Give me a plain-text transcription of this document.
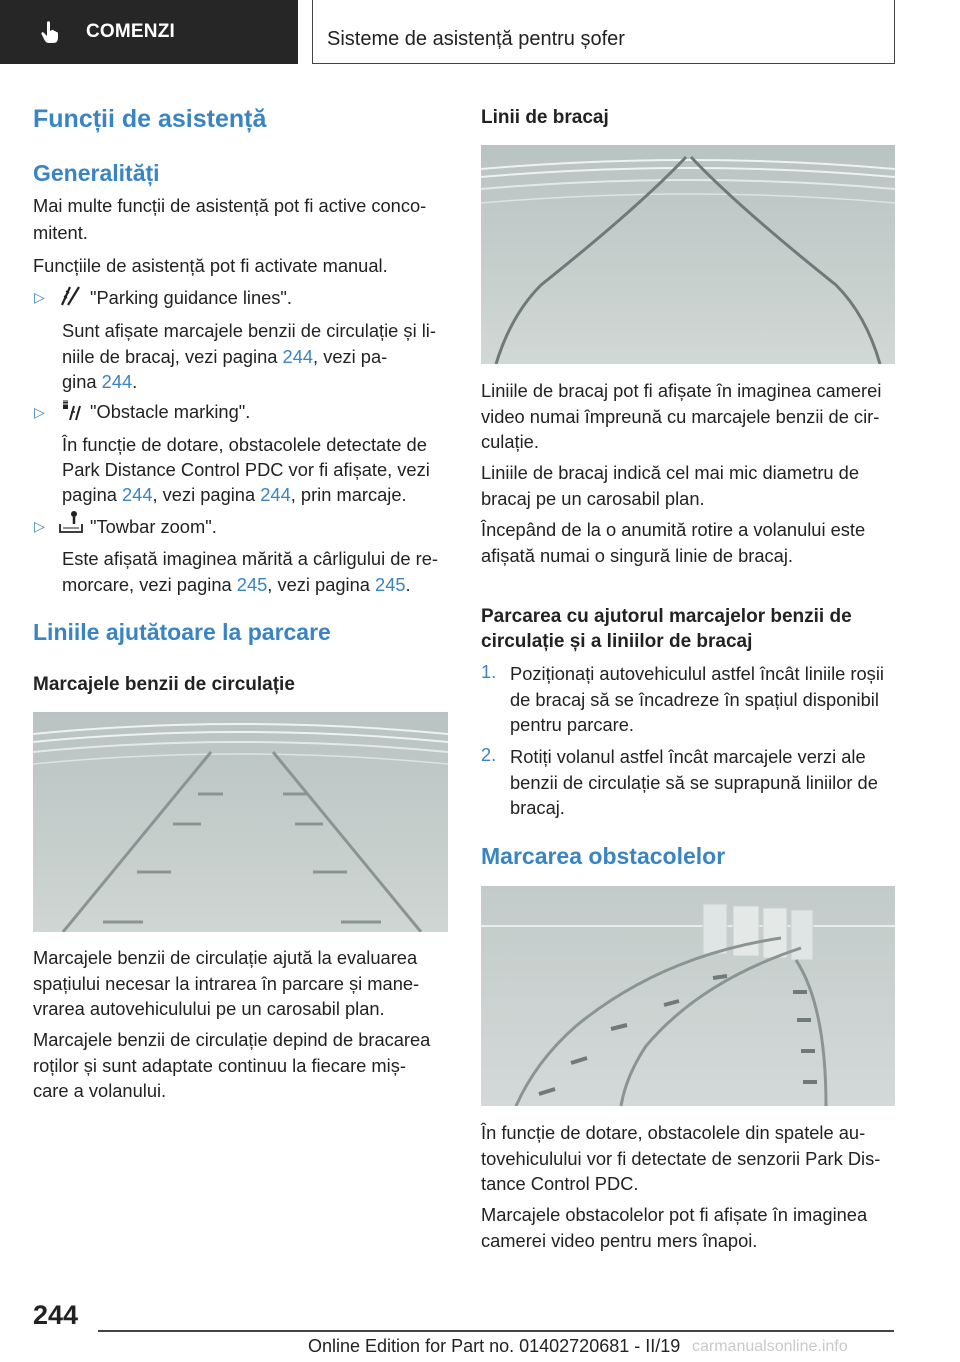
COMENZI	Sisteme de asistență pentru șofer
Funcții de asistență
Generalități

Mai multe funcții de asistență pot fi active conco-

mitent.

Funcțiile de asistență pot fi activate manual.

▷ "Parking guidance lines".

Sunt afișate marcajele benzii de circulație și li-

niile de bracaj, vezi pagina 244, vezi pa-

gina 244.

▷ "Obstacle marking".

În funcție de dotare, obstacolele detectate de

Park Distance Control PDC vor fi afișate, vezi

pagina 244, vezi pagina 244, prin marcaje.

▷ "Towbar zoom".

Este afișată imaginea mărită a cârligului de re-

morcare, vezi pagina 245, vezi pagina 245.

Liniile ajutătoare la parcare
Marcajele benzii de circulație

Marcajele benzii de circulație ajută la evaluarea

spațiului necesar la intrarea în parcare și mane-

vrarea autovehiculului pe un carosabil plan.

Marcajele benzii de circulație depind de bracarea

roților și sunt adaptate continuu la fiecare miș-

care a volanului.

Linii de bracaj

Liniile de bracaj pot fi afișate în imaginea camerei

video numai împreună cu marcajele benzii de cir-

culație.

Liniile de bracaj indică cel mai mic diametru de

bracaj pe un carosabil plan.

Începând de la o anumită rotire a volanului este

afișată numai o singură linie de bracaj.

Parcarea cu ajutorul marcajelor benzii de
circulație și a liniilor de bracaj
1. Poziționați autovehiculul astfel încât liniile roșii

de bracaj să se încadreze în spațiul disponibil

pentru parcare.

2. Rotiți volanul astfel încât marcajele verzi ale

benzii de circulație să se suprapună liniilor de

bracaj.

Marcarea obstacolelor

În funcție de dotare, obstacolele din spatele au-

tovehiculului vor fi detectate de senzorii Park Dis-

tance Control PDC.

Marcajele obstacolelor pot fi afișate în imaginea

camerei video pentru mers înapoi.

244
Online Edition for Part no. 01402720681 - II/19 carmanualsonline.info
